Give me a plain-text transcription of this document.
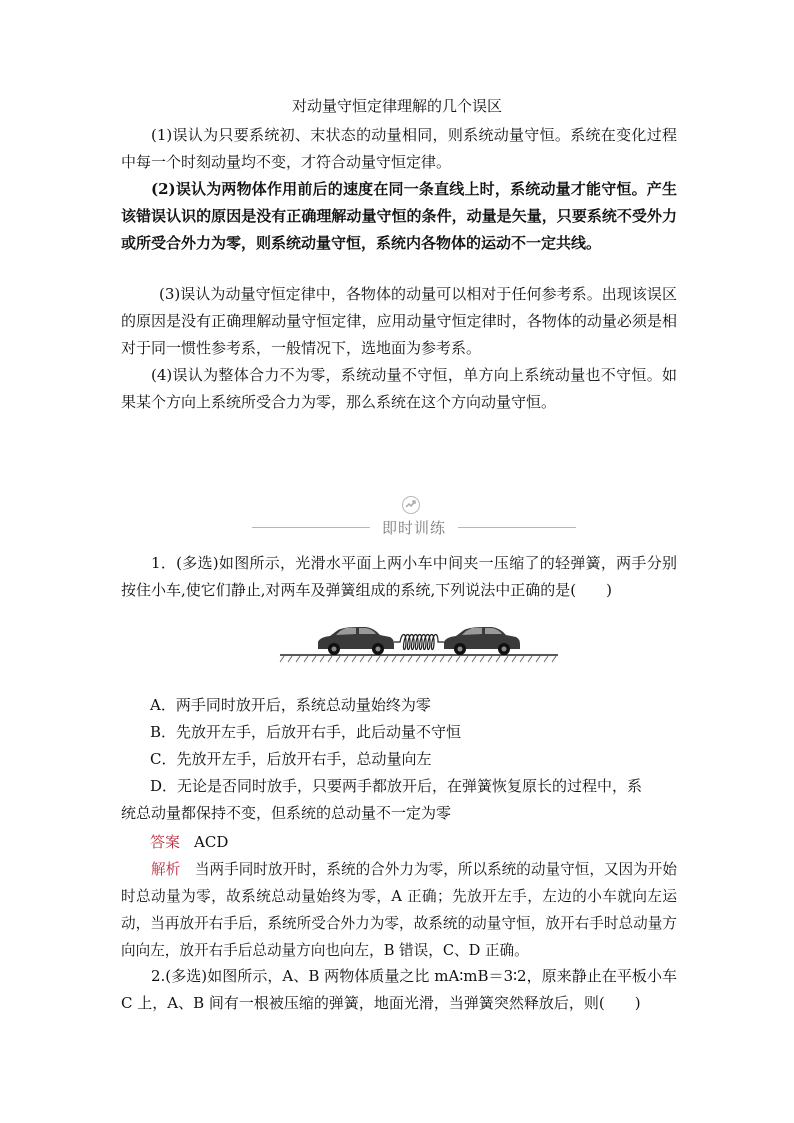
对动量守恒定律理解的几个误区

(1)误认为只要系统初、末状态的动量相同，则系统动量守恒。系统在变化过程中每一个时刻动量均不变，才符合动量守恒定律。

(2)误认为两物体作用前后的速度在同一条直线上时，系统动量才能守恒。产生该错误认识的原因是没有正确理解动量守恒的条件，动量是矢量，只要系统不受外力或所受合外力为零，则系统动量守恒，系统内各物体的运动不一定共线。

(3)误认为动量守恒定律中，各物体的动量可以相对于任何参考系。出现该误区的原因是没有正确理解动量守恒定律，应用动量守恒定律时，各物体的动量必须是相对于同一惯性参考系，一般情况下，选地面为参考系。

(4)误认为整体合力不为零，系统动量不守恒，单方向上系统动量也不守恒。如果某个方向上系统所受合力为零，那么系统在这个方向动量守恒。

即时训练

1．(多选)如图所示，光滑水平面上两小车中间夹一压缩了的轻弹簧，两手分别按住小车,使它们静止,对两车及弹簧组成的系统,下列说法中正确的是(　　)

A．两手同时放开后，系统总动量始终为零

B．先放开左手，后放开右手，此后动量不守恒

C．先放开左手，后放开右手，总动量向左

D．无论是否同时放手，只要两手都放开后，在弹簧恢复原长的过程中，系

统总动量都保持不变，但系统的总动量不一定为零
答案 ACD

解析　 当两手同时放开时，系统的合外力为零，所以系统的动量守恒，又因为开始时总动量为零，故系统总动量始终为零，A 正确；先放开左手，左边的小车就向左运动，当再放开右手后，系统所受合外力为零，故系统的动量守恒，放开右手时总动量方向向左，放开右手后总动量方向也向左，B 错误，C、D 正确。

2.(多选)如图所示，A、B 两物体质量之比 mA∶mB＝3∶2，原来静止在平板小车 C 上，A、B 间有一根被压缩的弹簧，地面光滑，当弹簧突然释放后，则(　　)
